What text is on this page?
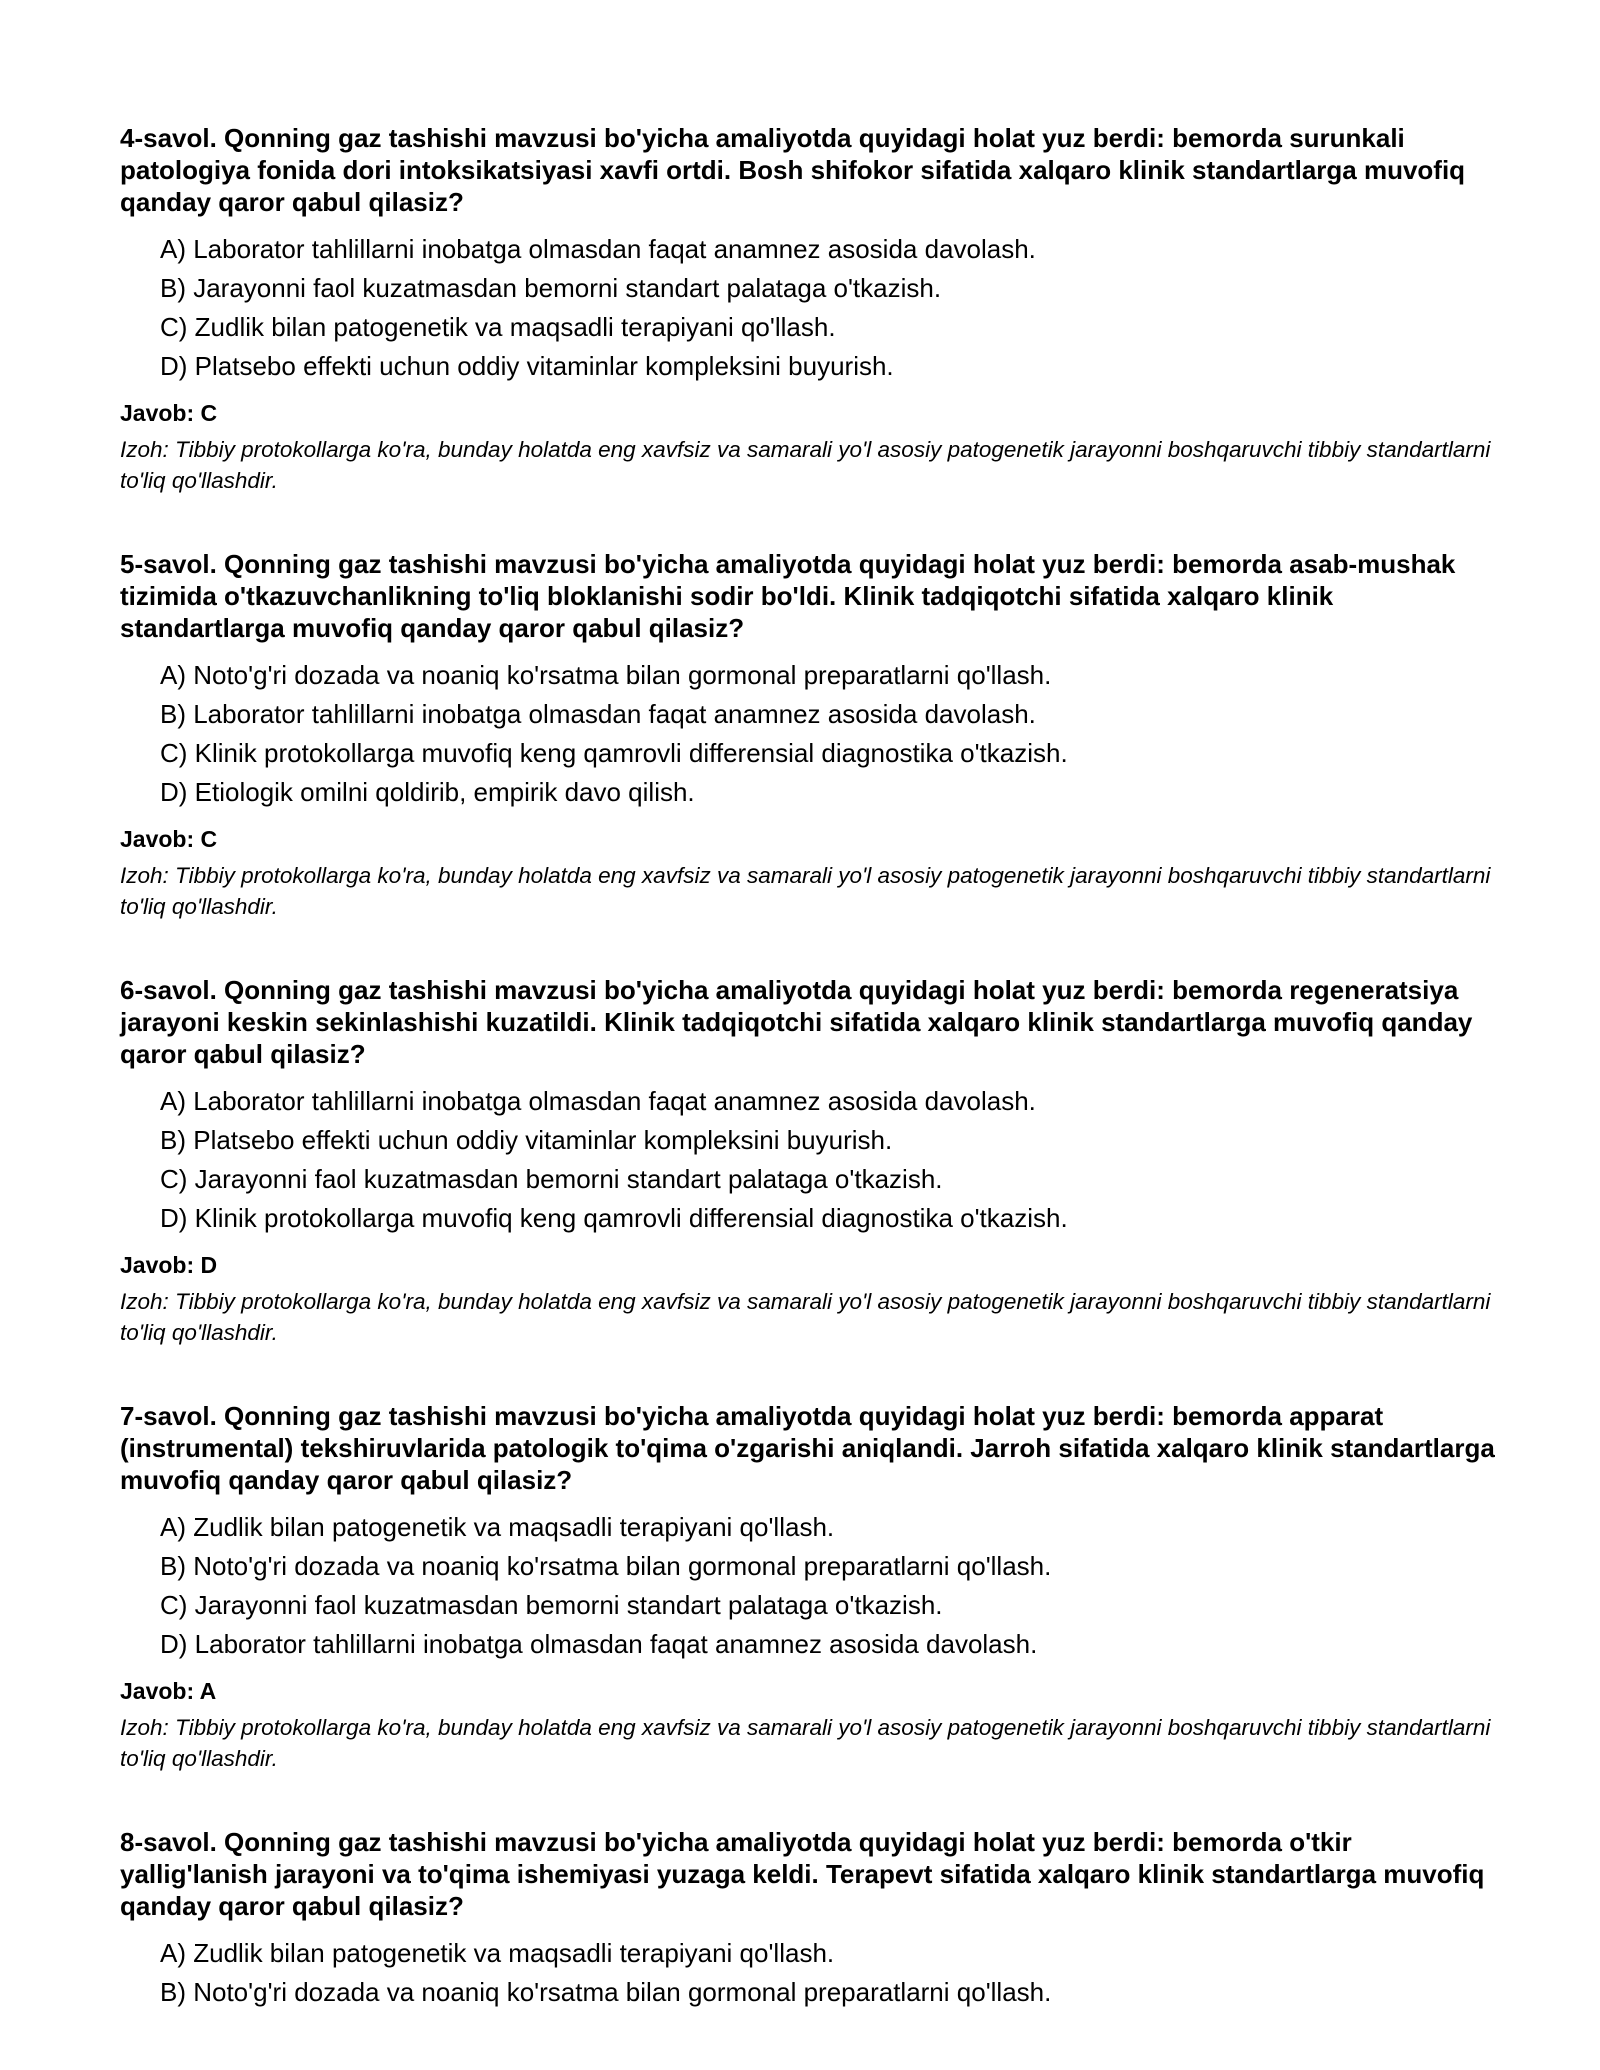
4-savol. Qonning gaz tashishi mavzusi bo'yicha amaliyotda quyidagi holat yuz berdi: bemorda surunkali patologiya fonida dori intoksikatsiyasi xavfi ortdi. Bosh shifokor sifatida xalqaro klinik standartlarga muvofiq qanday qaror qabul qilasiz?

A) Laborator tahlillarni inobatga olmasdan faqat anamnez asosida davolash.
B) Jarayonni faol kuzatmasdan bemorni standart palataga o'tkazish.
C) Zudlik bilan patogenetik va maqsadli terapiyani qo'llash.
D) Platsebo effekti uchun oddiy vitaminlar kompleksini buyurish.

Javob: C

Izoh: Tibbiy protokollarga ko'ra, bunday holatda eng xavfsiz va samarali yo'l asosiy patogenetik jarayonni boshqaruvchi tibbiy standartlarni to'liq qo'llashdir.

5-savol. Qonning gaz tashishi mavzusi bo'yicha amaliyotda quyidagi holat yuz berdi: bemorda asab-mushak tizimida o'tkazuvchanlikning to'liq bloklanishi sodir bo'ldi. Klinik tadqiqotchi sifatida xalqaro klinik standartlarga muvofiq qanday qaror qabul qilasiz?

A) Noto'g'ri dozada va noaniq ko'rsatma bilan gormonal preparatlarni qo'llash.
B) Laborator tahlillarni inobatga olmasdan faqat anamnez asosida davolash.
C) Klinik protokollarga muvofiq keng qamrovli differensial diagnostika o'tkazish.
D) Etiologik omilni qoldirib, empirik davo qilish.

Javob: C

Izoh: Tibbiy protokollarga ko'ra, bunday holatda eng xavfsiz va samarali yo'l asosiy patogenetik jarayonni boshqaruvchi tibbiy standartlarni to'liq qo'llashdir.

6-savol. Qonning gaz tashishi mavzusi bo'yicha amaliyotda quyidagi holat yuz berdi: bemorda regeneratsiya jarayoni keskin sekinlashishi kuzatildi. Klinik tadqiqotchi sifatida xalqaro klinik standartlarga muvofiq qanday qaror qabul qilasiz?

A) Laborator tahlillarni inobatga olmasdan faqat anamnez asosida davolash.
B) Platsebo effekti uchun oddiy vitaminlar kompleksini buyurish.
C) Jarayonni faol kuzatmasdan bemorni standart palataga o'tkazish.
D) Klinik protokollarga muvofiq keng qamrovli differensial diagnostika o'tkazish.

Javob: D

Izoh: Tibbiy protokollarga ko'ra, bunday holatda eng xavfsiz va samarali yo'l asosiy patogenetik jarayonni boshqaruvchi tibbiy standartlarni to'liq qo'llashdir.

7-savol. Qonning gaz tashishi mavzusi bo'yicha amaliyotda quyidagi holat yuz berdi: bemorda apparat (instrumental) tekshiruvlarida patologik to'qima o'zgarishi aniqlandi. Jarroh sifatida xalqaro klinik standartlarga muvofiq qanday qaror qabul qilasiz?

A) Zudlik bilan patogenetik va maqsadli terapiyani qo'llash.
B) Noto'g'ri dozada va noaniq ko'rsatma bilan gormonal preparatlarni qo'llash.
C) Jarayonni faol kuzatmasdan bemorni standart palataga o'tkazish.
D) Laborator tahlillarni inobatga olmasdan faqat anamnez asosida davolash.

Javob: A

Izoh: Tibbiy protokollarga ko'ra, bunday holatda eng xavfsiz va samarali yo'l asosiy patogenetik jarayonni boshqaruvchi tibbiy standartlarni to'liq qo'llashdir.

8-savol. Qonning gaz tashishi mavzusi bo'yicha amaliyotda quyidagi holat yuz berdi: bemorda o'tkir yallig'lanish jarayoni va to'qima ishemiyasi yuzaga keldi. Terapevt sifatida xalqaro klinik standartlarga muvofiq qanday qaror qabul qilasiz?

A) Zudlik bilan patogenetik va maqsadli terapiyani qo'llash.
B) Noto'g'ri dozada va noaniq ko'rsatma bilan gormonal preparatlarni qo'llash.
